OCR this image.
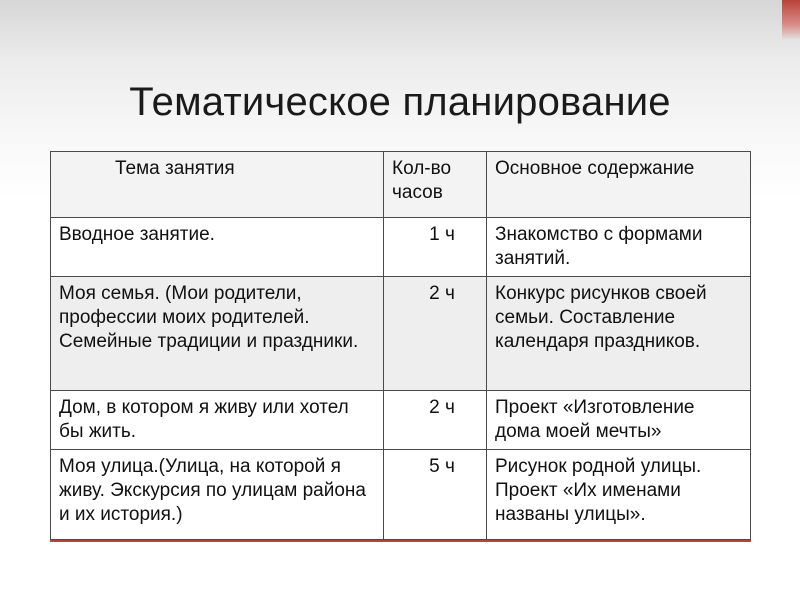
Тематическое планирование
Тема занятия	Кол-во часов	Основное содержание
Вводное занятие.	1 ч	Знакомство с формами занятий.
Моя семья. (Мои родители, профессии моих родителей. Семейные традиции и праздники.	2 ч	Конкурс рисунков своей семьи. Составление календаря праздников.
Дом, в котором я живу или хотел бы жить.	2 ч	Проект «Изготовление дома моей мечты»
Моя улица.(Улица, на которой я живу. Экскурсия по улицам района и их история.)	5 ч	Рисунок родной улицы. Проект «Их именами названы улицы».
